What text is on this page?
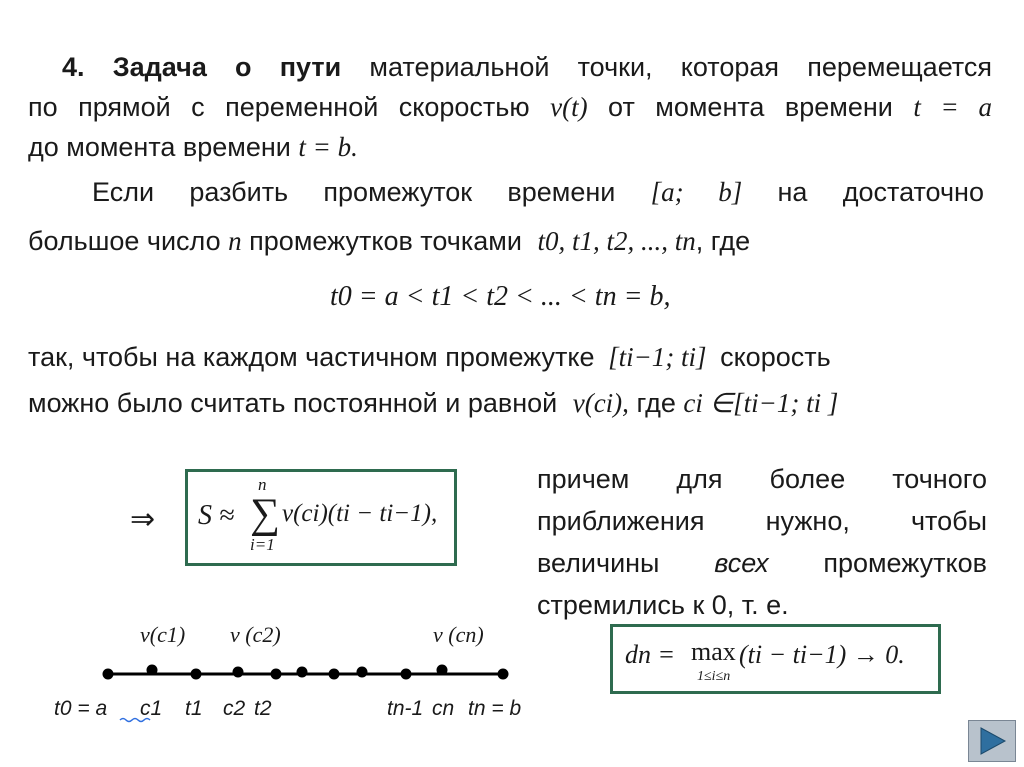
4. Задача о пути материальной точки, которая перемещается
по прямой с переменной скоростью v(t) от момента времени t = a
до момента времени t = b.
Если разбить промежуток времени [a; b] на достаточно
большое число n промежутков точками t0, t1, t2, ..., tn, где
t0 = a < t1 < t2 < ... < tn = b,
так, чтобы на каждом частичном промежутке [ti−1; ti] скорость
можно было считать постоянной и равной v(ci), где ci ∈[ti−1; ti ]
⇒ S ≈ ∑
n
i=1
v(ci)(ti − ti−1),
причем для более точного
приближения нужно, чтобы
величины всех промежутков
стремились к 0, т. е.
dn = max
1≤i≤n
(ti − ti−1) → 0.
v(c1) v (c2)	v (cn)
t0 = a c1 t1 c2 t2	tn-1 cn tn = b
